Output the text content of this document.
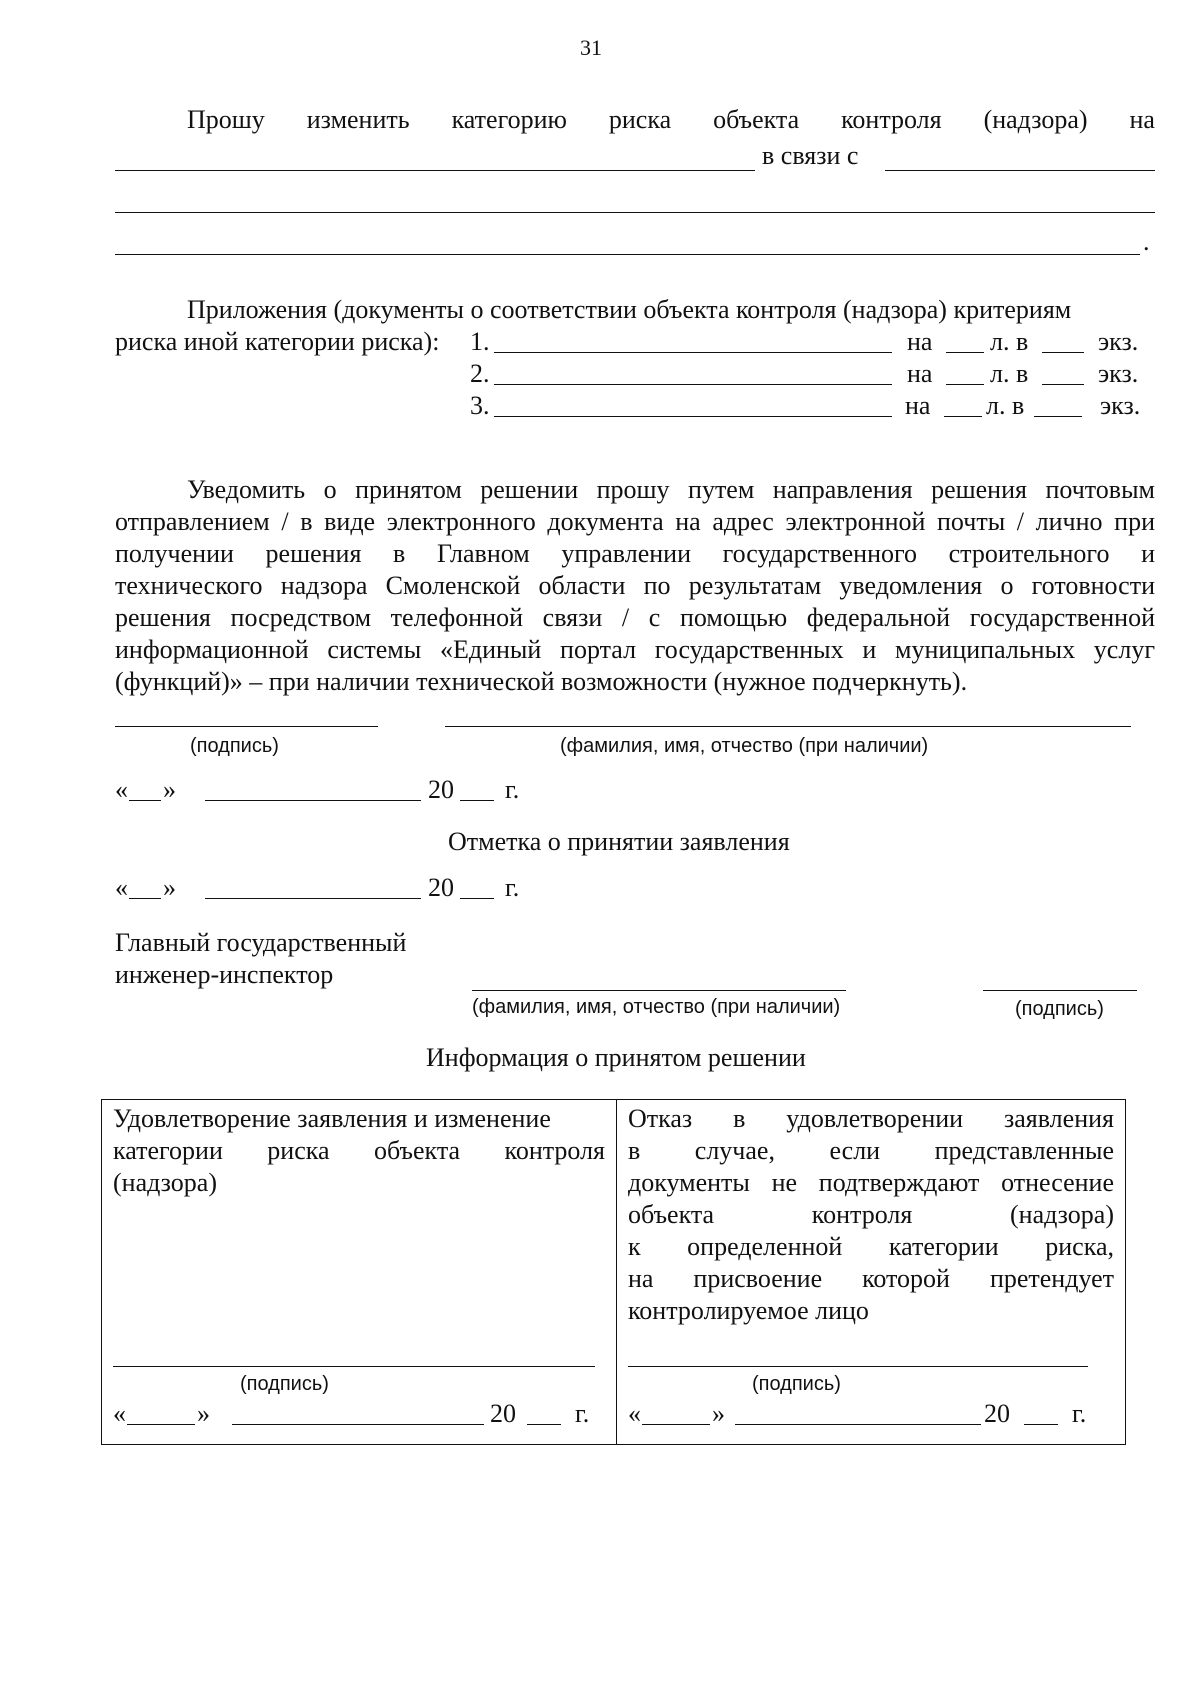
31
Прошу изменить категорию риска объекта контроля (надзора) на
в связи с
.
Приложения (документы о соответствии объекта контроля (надзора) критериям
риска иной категории риска): 1.	на л. в	экз.
2.	на л. в	экз.
3.	на л. в	экз.
Уведомить о принятом решении прошу путем направления решения почтовым
отправлением / в виде электронного документа на адрес электронной почты / лично при
получении решения в Главном управлении государственного строительного и
технического надзора Смоленской области по результатам уведомления о готовности
решения посредством телефонной связи / с помощью федеральной государственной
информационной системы «Единый портал государственных и муниципальных услуг
(функций)» – при наличии технической возможности (нужное подчеркнуть).
(подпись)	(фамилия, имя, отчество (при наличии)
« »	20 г.
Отметка о принятии заявления
« »	20 г.
Главный государственный
инженер-инспектор
(фамилия, имя, отчество (при наличии)	(подпись)
Информация о принятом решении
Удовлетворение заявления и изменение
категории риска объекта контроля
(надзора)
(подпись)
«	»	20 г.
Отказ в удовлетворении заявления
в случае, если представленные
документы не подтверждают отнесение
объекта контроля (надзора)
к определенной категории риска,
на присвоение которой претендует
контролируемое лицо
(подпись)
«	»	20 г.
